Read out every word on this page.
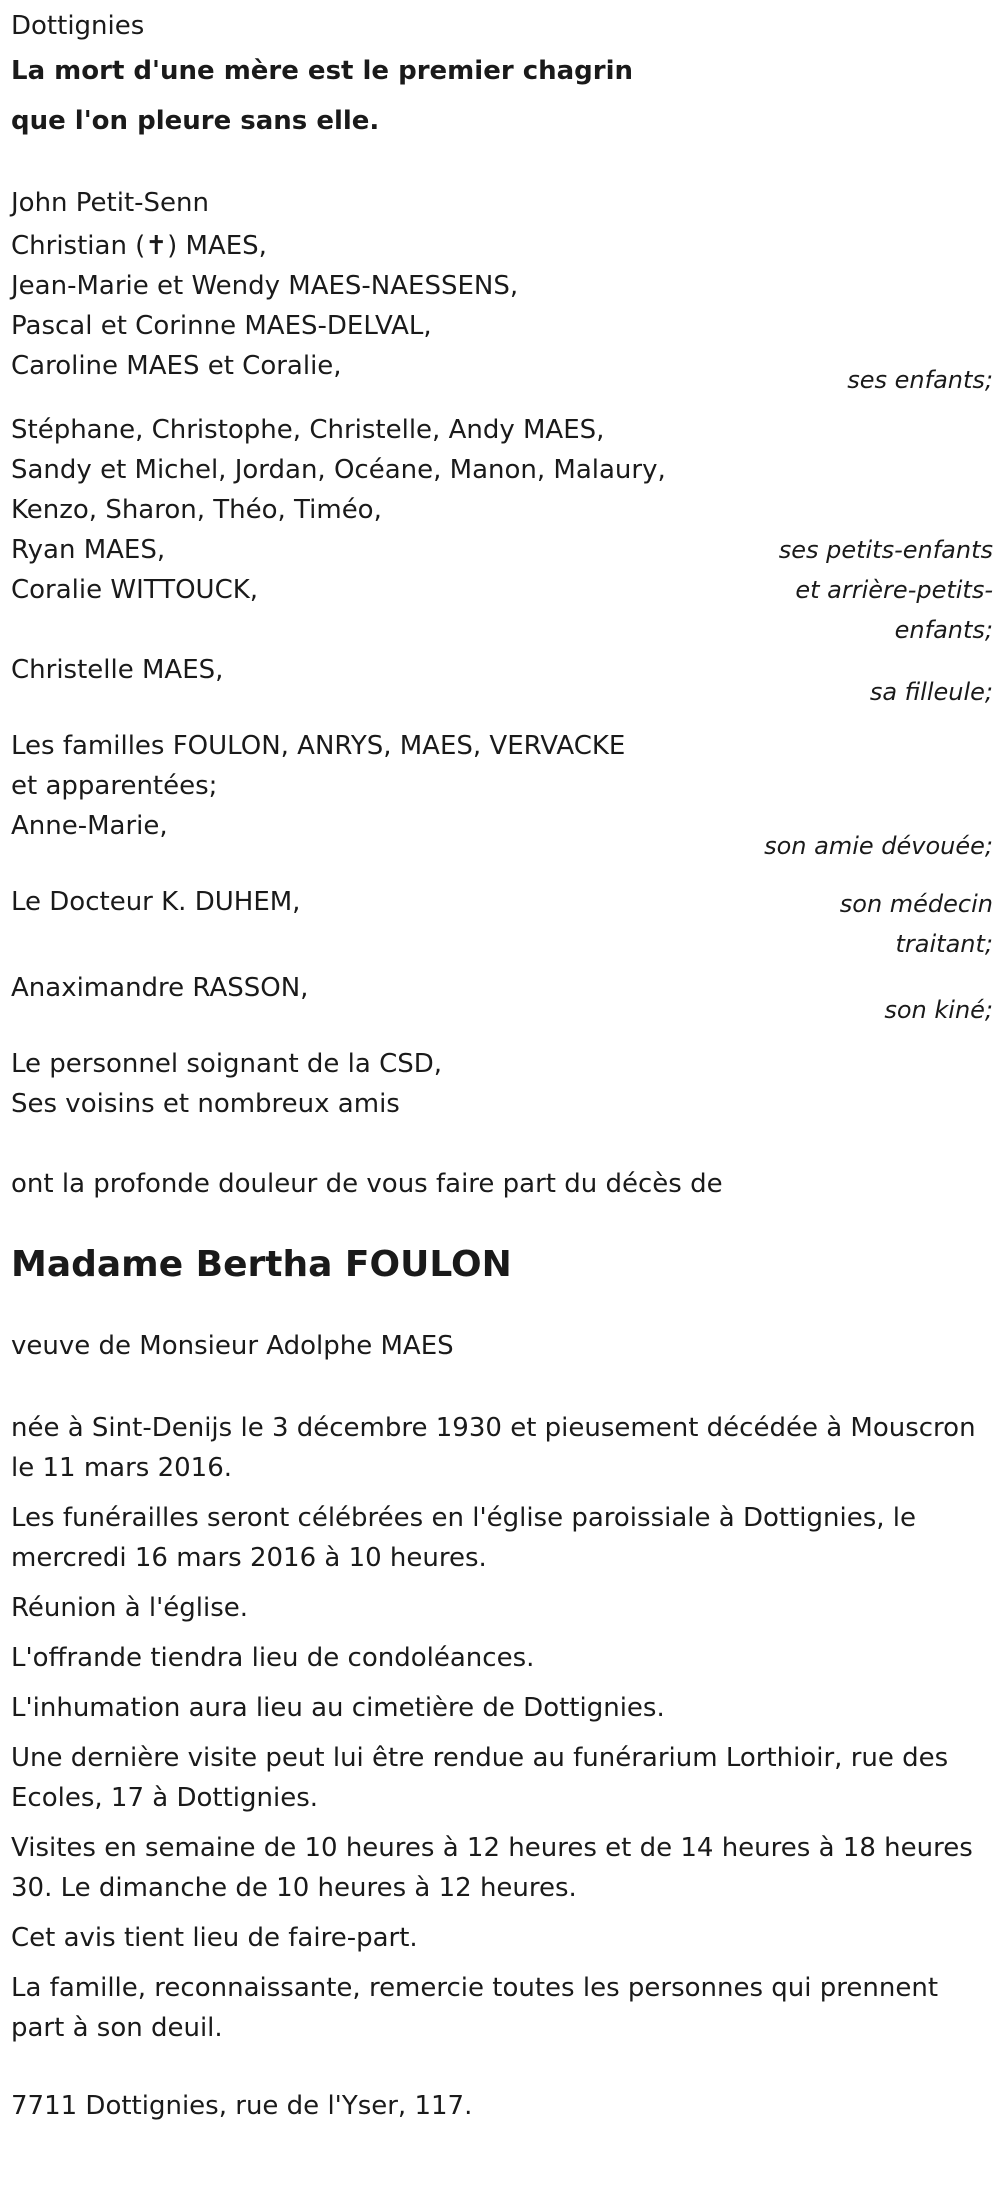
Dottignies
La mort d'une mère est le premier chagrin
que l'on pleure sans elle.
John Petit-Senn
Christian (✝) MAES,
Jean-Marie et Wendy MAES-NAESSENS,
Pascal et Corinne MAES-DELVAL,
Caroline MAES et Coralie,	ses enfants;
Stéphane, Christophe, Christelle, Andy MAES,
Sandy et Michel, Jordan, Océane, Manon, Malaury,
Kenzo, Sharon, Théo, Timéo,
Ryan MAES,
Coralie WITTOUCK,
ses petits-enfants
et arrière-petits-
enfants;
Christelle MAES,
sa filleule;
Les familles FOULON, ANRYS, MAES, VERVACKE
et apparentées;
Anne-Marie,
son amie dévouée;
Le Docteur K. DUHEM,	son médecin
traitant;
Anaximandre RASSON,
son kiné;
Le personnel soignant de la CSD,
Ses voisins et nombreux amis
ont la profonde douleur de vous faire part du décès de
Madame Bertha FOULON
veuve de Monsieur Adolphe MAES
née à Sint-Denijs le 3 décembre 1930 et pieusement décédée à Mouscron le 11 mars 2016.
Les funérailles seront célébrées en l'église paroissiale à Dottignies, le mercredi 16 mars 2016 à 10 heures.
Réunion à l'église.
L'offrande tiendra lieu de condoléances.
L'inhumation aura lieu au cimetière de Dottignies.
Une dernière visite peut lui être rendue au funérarium Lorthioir, rue des Ecoles, 17 à Dottignies.
Visites en semaine de 10 heures à 12 heures et de 14 heures à 18 heures 30. Le dimanche de 10 heures à 12 heures.
Cet avis tient lieu de faire-part.
La famille, reconnaissante, remercie toutes les personnes qui prennent part à son deuil.
7711 Dottignies, rue de l'Yser, 117.
